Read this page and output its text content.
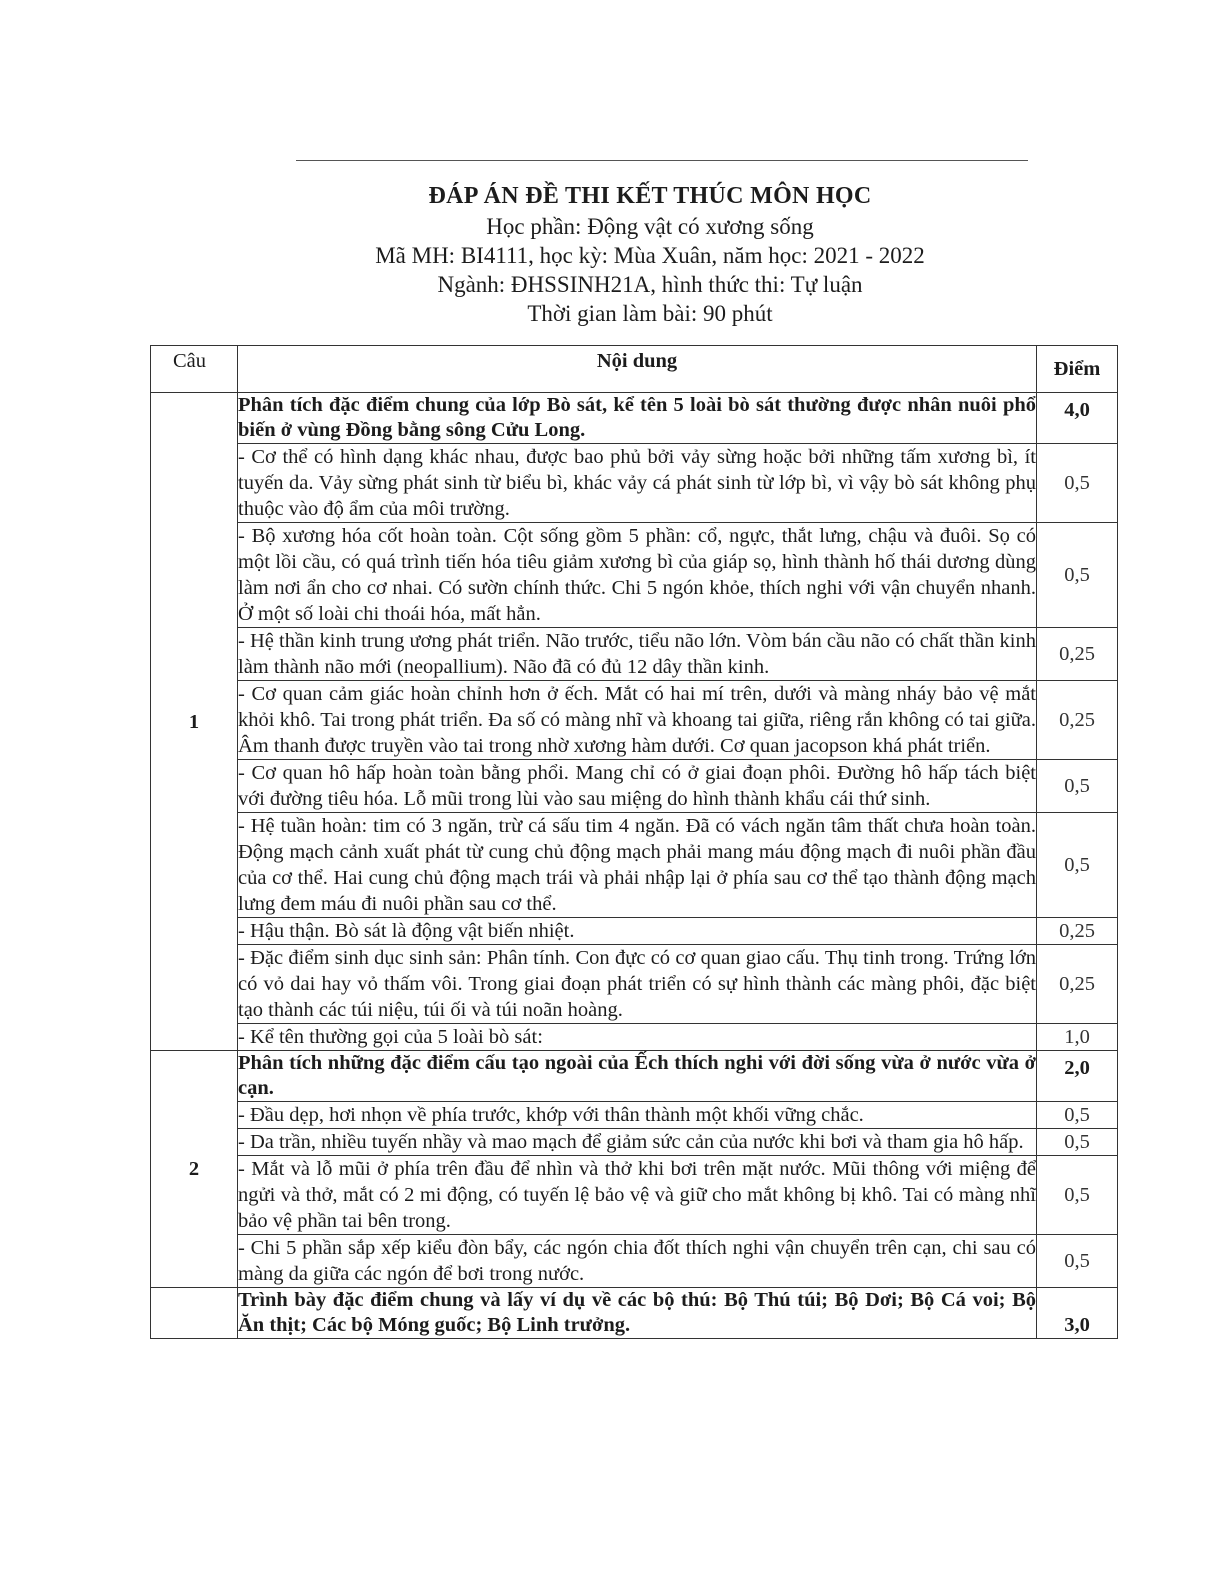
ĐÁP ÁN ĐỀ THI KẾT THÚC MÔN HỌC
Học phần: Động vật có xương sống
Mã MH: BI4111, học kỳ: Mùa Xuân, năm học: 2021 - 2022
Ngành: ĐHSSINH21A, hình thức thi: Tự luận
Thời gian làm bài: 90 phút
Câu	Nội dung	Điểm
1	Phân tích đặc điểm chung của lớp Bò sát, kể tên 5 loài bò sát thường được nhân nuôi phổ biến ở vùng Đồng bằng sông Cửu Long.	4,0
	- Cơ thể có hình dạng khác nhau, được bao phủ bởi vảy sừng hoặc bởi những tấm xương bì, ít tuyến da. Vảy sừng phát sinh từ biểu bì, khác vảy cá phát sinh từ lớp bì, vì vậy bò sát không phụ thuộc vào độ ẩm của môi trường.	0,5
	- Bộ xương hóa cốt hoàn toàn. Cột sống gồm 5 phần: cổ, ngực, thắt lưng, chậu và đuôi. Sọ có một lồi cầu, có quá trình tiến hóa tiêu giảm xương bì của giáp sọ, hình thành hố thái dương dùng làm nơi ẩn cho cơ nhai. Có sườn chính thức. Chi 5 ngón khỏe, thích nghi với vận chuyển nhanh. Ở một số loài chi thoái hóa, mất hẳn.	0,5
	- Hệ thần kinh trung ương phát triển. Não trước, tiểu não lớn. Vòm bán cầu não có chất thần kinh làm thành não mới (neopallium). Não đã có đủ 12 dây thần kinh.	0,25
	- Cơ quan cảm giác hoàn chỉnh hơn ở ếch. Mắt có hai mí trên, dưới và màng nháy bảo vệ mắt khỏi khô. Tai trong phát triển. Đa số có màng nhĩ và khoang tai giữa, riêng rắn không có tai giữa. Âm thanh được truyền vào tai trong nhờ xương hàm dưới. Cơ quan jacopson khá phát triển.	0,25
	- Cơ quan hô hấp hoàn toàn bằng phổi. Mang chỉ có ở giai đoạn phôi. Đường hô hấp tách biệt với đường tiêu hóa. Lỗ mũi trong lùi vào sau miệng do hình thành khẩu cái thứ sinh.	0,5
	- Hệ tuần hoàn: tim có 3 ngăn, trừ cá sấu tim 4 ngăn. Đã có vách ngăn tâm thất chưa hoàn toàn. Động mạch cảnh xuất phát từ cung chủ động mạch phải mang máu động mạch đi nuôi phần đầu của cơ thể. Hai cung chủ động mạch trái và phải nhập lại ở phía sau cơ thể tạo thành động mạch lưng đem máu đi nuôi phần sau cơ thể.	0,5
	- Hậu thận. Bò sát là động vật biến nhiệt.	0,25
	- Đặc điểm sinh dục sinh sản: Phân tính. Con đực có cơ quan giao cấu. Thụ tinh trong. Trứng lớn có vỏ dai hay vỏ thấm vôi. Trong giai đoạn phát triển có sự hình thành các màng phôi, đặc biệt tạo thành các túi niệu, túi ối và túi noãn hoàng.	0,25
	- Kể tên thường gọi của 5 loài bò sát:	1,0
2	Phân tích những đặc điểm cấu tạo ngoài của Ếch thích nghi với đời sống vừa ở nước vừa ở cạn.	2,0
	- Đầu dẹp, hơi nhọn về phía trước, khớp với thân thành một khối vững chắc.	0,5
	- Da trần, nhiều tuyến nhầy và mao mạch để giảm sức cản của nước khi bơi và tham gia hô hấp.	0,5
	- Mắt và lỗ mũi ở phía trên đầu để nhìn và thở khi bơi trên mặt nước. Mũi thông với miệng để ngửi và thở, mắt có 2 mi động, có tuyến lệ bảo vệ và giữ cho mắt không bị khô. Tai có màng nhĩ bảo vệ phần tai bên trong.	0,5
	- Chi 5 phần sắp xếp kiểu đòn bẩy, các ngón chia đốt thích nghi vận chuyển trên cạn, chi sau có màng da giữa các ngón để bơi trong nước.	0,5
	Trình bày đặc điểm chung và lấy ví dụ về các bộ thú: Bộ Thú túi; Bộ Dơi; Bộ Cá voi; Bộ Ăn thịt; Các bộ Móng guốc; Bộ Linh trưởng.	3,0
